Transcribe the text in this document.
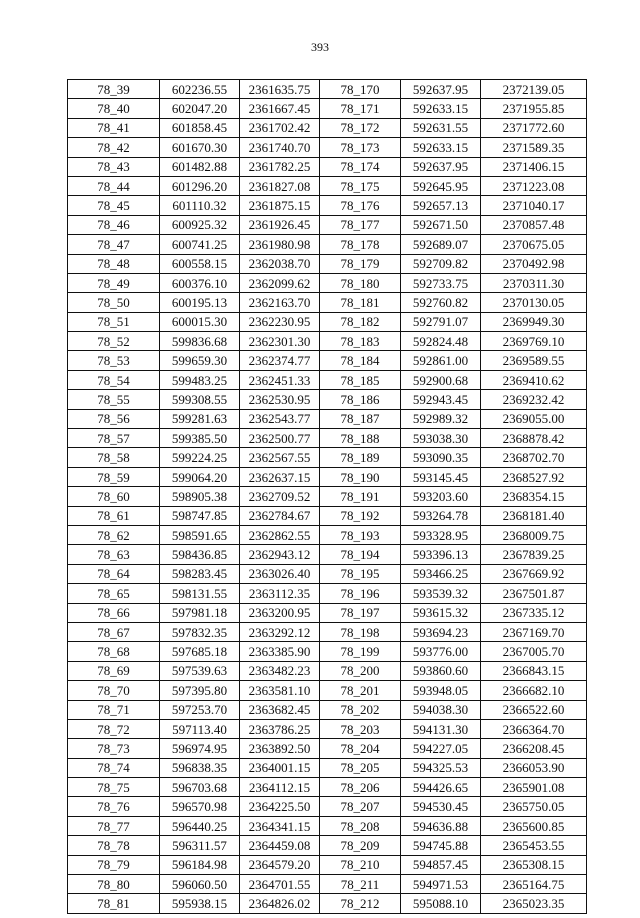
393
78_39	602236.55	2361635.75	78_170	592637.95	2372139.05
78_40	602047.20	2361667.45	78_171	592633.15	2371955.85
78_41	601858.45	2361702.42	78_172	592631.55	2371772.60
78_42	601670.30	2361740.70	78_173	592633.15	2371589.35
78_43	601482.88	2361782.25	78_174	592637.95	2371406.15
78_44	601296.20	2361827.08	78_175	592645.95	2371223.08
78_45	601110.32	2361875.15	78_176	592657.13	2371040.17
78_46	600925.32	2361926.45	78_177	592671.50	2370857.48
78_47	600741.25	2361980.98	78_178	592689.07	2370675.05
78_48	600558.15	2362038.70	78_179	592709.82	2370492.98
78_49	600376.10	2362099.62	78_180	592733.75	2370311.30
78_50	600195.13	2362163.70	78_181	592760.82	2370130.05
78_51	600015.30	2362230.95	78_182	592791.07	2369949.30
78_52	599836.68	2362301.30	78_183	592824.48	2369769.10
78_53	599659.30	2362374.77	78_184	592861.00	2369589.55
78_54	599483.25	2362451.33	78_185	592900.68	2369410.62
78_55	599308.55	2362530.95	78_186	592943.45	2369232.42
78_56	599281.63	2362543.77	78_187	592989.32	2369055.00
78_57	599385.50	2362500.77	78_188	593038.30	2368878.42
78_58	599224.25	2362567.55	78_189	593090.35	2368702.70
78_59	599064.20	2362637.15	78_190	593145.45	2368527.92
78_60	598905.38	2362709.52	78_191	593203.60	2368354.15
78_61	598747.85	2362784.67	78_192	593264.78	2368181.40
78_62	598591.65	2362862.55	78_193	593328.95	2368009.75
78_63	598436.85	2362943.12	78_194	593396.13	2367839.25
78_64	598283.45	2363026.40	78_195	593466.25	2367669.92
78_65	598131.55	2363112.35	78_196	593539.32	2367501.87
78_66	597981.18	2363200.95	78_197	593615.32	2367335.12
78_67	597832.35	2363292.12	78_198	593694.23	2367169.70
78_68	597685.18	2363385.90	78_199	593776.00	2367005.70
78_69	597539.63	2363482.23	78_200	593860.60	2366843.15
78_70	597395.80	2363581.10	78_201	593948.05	2366682.10
78_71	597253.70	2363682.45	78_202	594038.30	2366522.60
78_72	597113.40	2363786.25	78_203	594131.30	2366364.70
78_73	596974.95	2363892.50	78_204	594227.05	2366208.45
78_74	596838.35	2364001.15	78_205	594325.53	2366053.90
78_75	596703.68	2364112.15	78_206	594426.65	2365901.08
78_76	596570.98	2364225.50	78_207	594530.45	2365750.05
78_77	596440.25	2364341.15	78_208	594636.88	2365600.85
78_78	596311.57	2364459.08	78_209	594745.88	2365453.55
78_79	596184.98	2364579.20	78_210	594857.45	2365308.15
78_80	596060.50	2364701.55	78_211	594971.53	2365164.75
78_81	595938.15	2364826.02	78_212	595088.10	2365023.35
